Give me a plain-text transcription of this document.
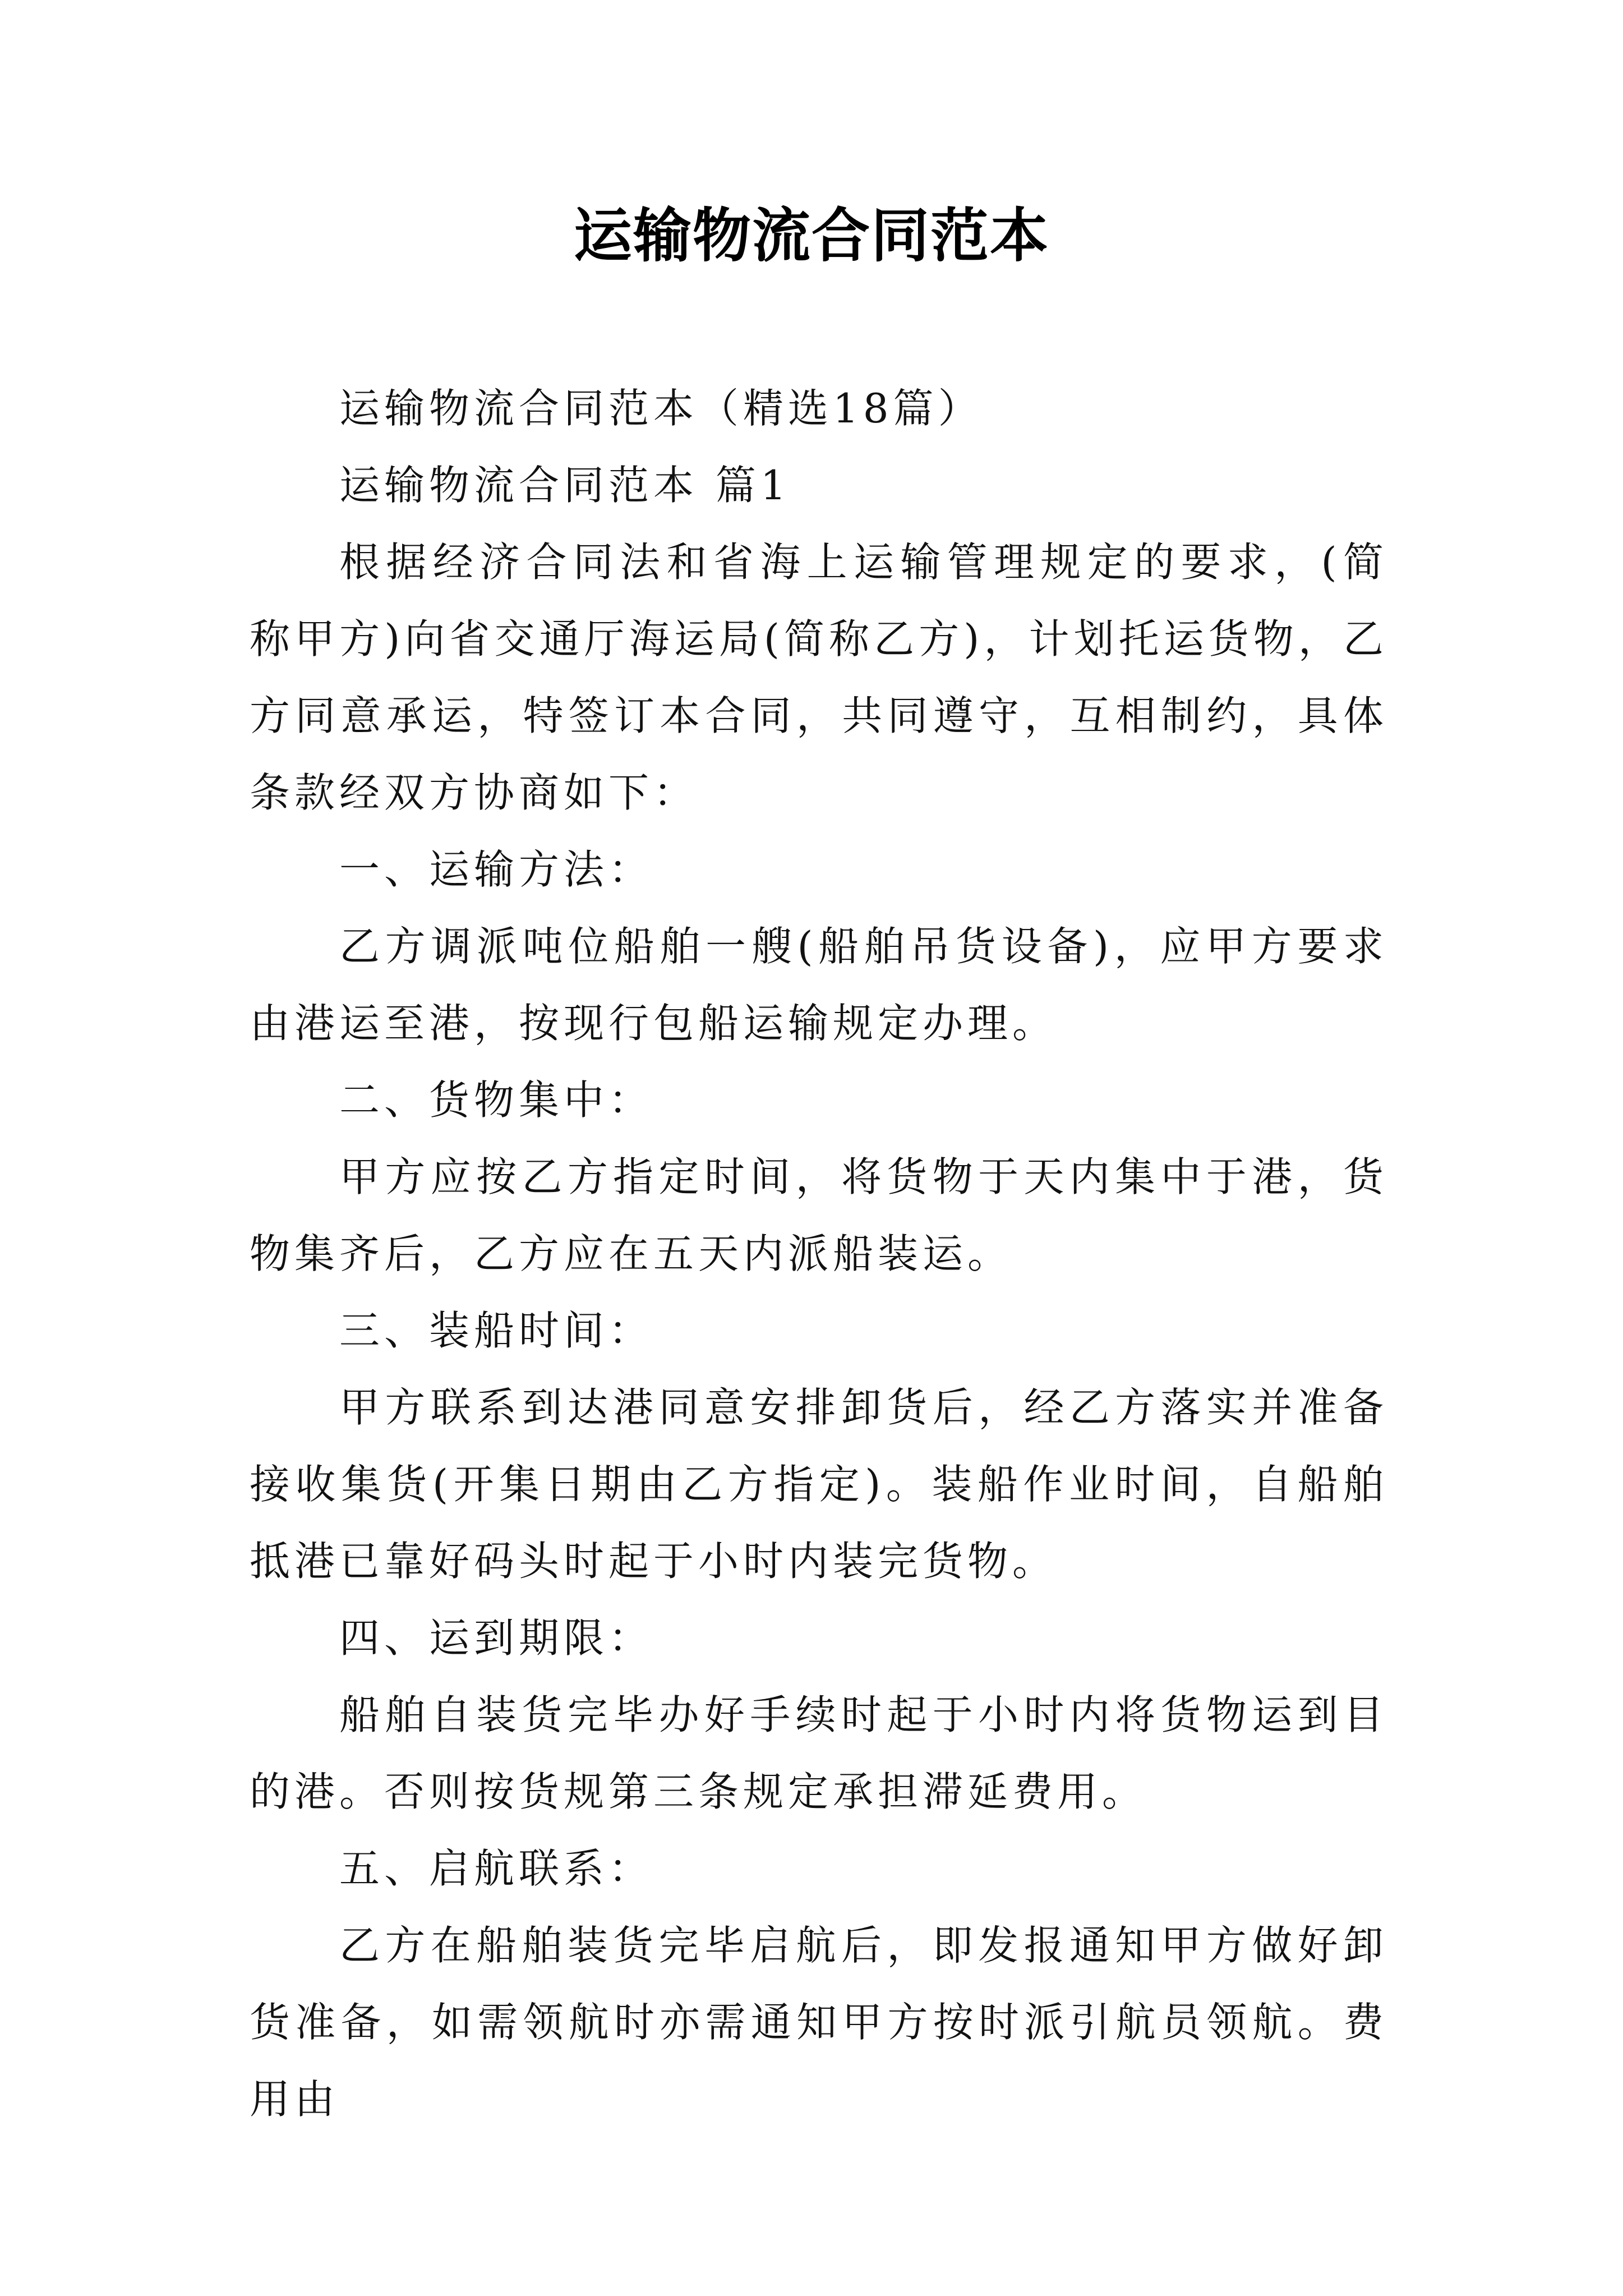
运输物流合同范本

运输物流合同范本（精选18篇）

运输物流合同范本 篇1

根据经济合同法和省海上运输管理规定的要求，(简称甲方)向省交通厅海运局(简称乙方)，计划托运货物，乙方同意承运，特签订本合同，共同遵守，互相制约，具体条款经双方协商如下：

一、运输方法：

乙方调派吨位船舶一艘(船舶吊货设备)，应甲方要求由港运至港，按现行包船运输规定办理。

二、货物集中：

甲方应按乙方指定时间，将货物于天内集中于港，货物集齐后，乙方应在五天内派船装运。

三、装船时间：

甲方联系到达港同意安排卸货后，经乙方落实并准备接收集货(开集日期由乙方指定)。装船作业时间，自船舶抵港已靠好码头时起于小时内装完货物。

四、运到期限：

船舶自装货完毕办好手续时起于小时内将货物运到目的港。否则按货规第三条规定承担滞延费用。

五、启航联系：

乙方在船舶装货完毕启航后，即发报通知甲方做好卸货准备，如需领航时亦需通知甲方按时派引航员领航。费用由
